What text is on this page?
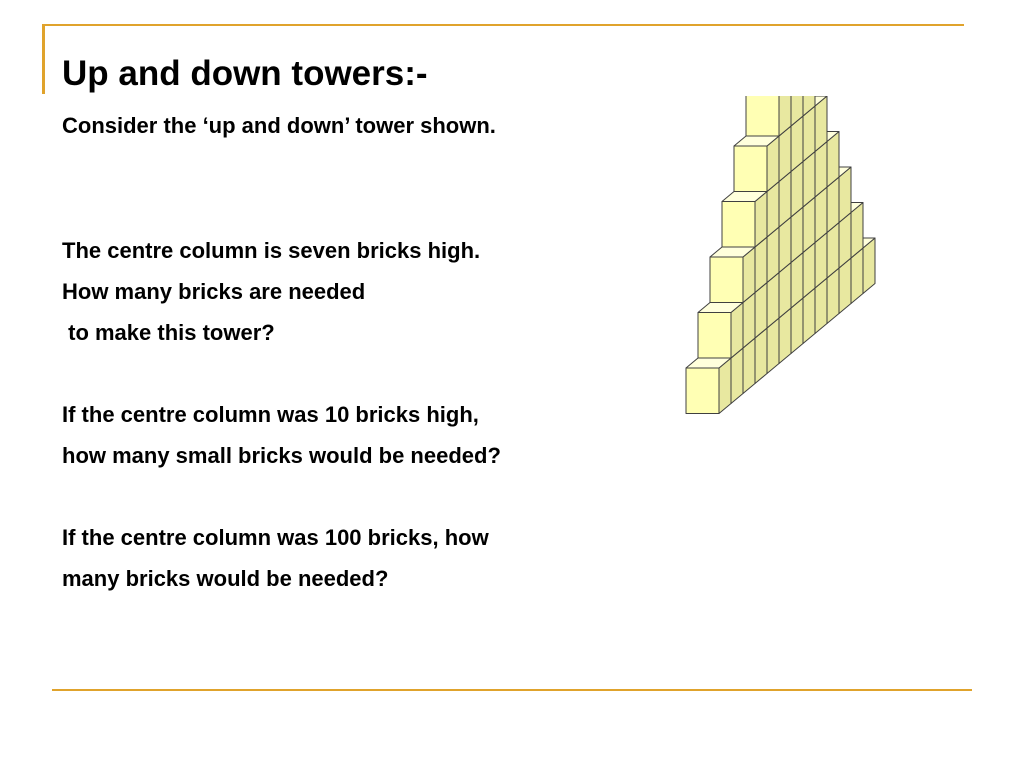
Up and down towers:-

Consider the ‘up and down’ tower shown.

The centre column is seven bricks high.
How many bricks are needed
to make this tower?
If the centre column was 10 bricks high,
how many small bricks would be needed?
If the centre column was 100 bricks, how
many bricks would be needed?
